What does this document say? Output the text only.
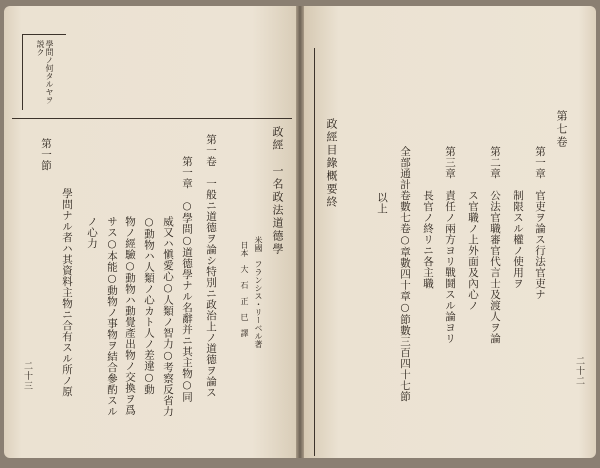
學問ノ何タルヤヲ説ク
第一節
學問ナル者ハ其資料主物ニ合有スル所ノ原 ノ心力 サス○本能○動物ノ事物ヲ結合參酌スル 物ノ經驗○動物ハ動覺產出物ノ交換ヲ爲 ○動物ハ人類ノ心カト人ノ差違○動 威又ハ愼愛心○人類ノ智力○考察反省力 第一章　○學問○道德學ナル名辭并ニ其主物○同 第一卷　一般ニ道德ヲ論シ特別ニ政治上ノ道德ヲ論ス	日本　大　石　正　巳　譯 米國　フランシス・リーベル著
政經　一名政法道德學
二十三
政經目錄概要終	以上 全部通計卷數七卷○章數四十章○節數三百四十七節 　　　　長官ノ終リニ各主職 第三章　責任ノ兩方ヨリ戰鬪スル論ヨリ 　　　　ス官職ノ上外面及內心ノ 第二章　公法官職審官代言士及渡人ヲ論 　　　　制限スル權ノ使用ヲ 第一章　官吏ヲ論ス行法官吏ナ
第七卷
二十二
